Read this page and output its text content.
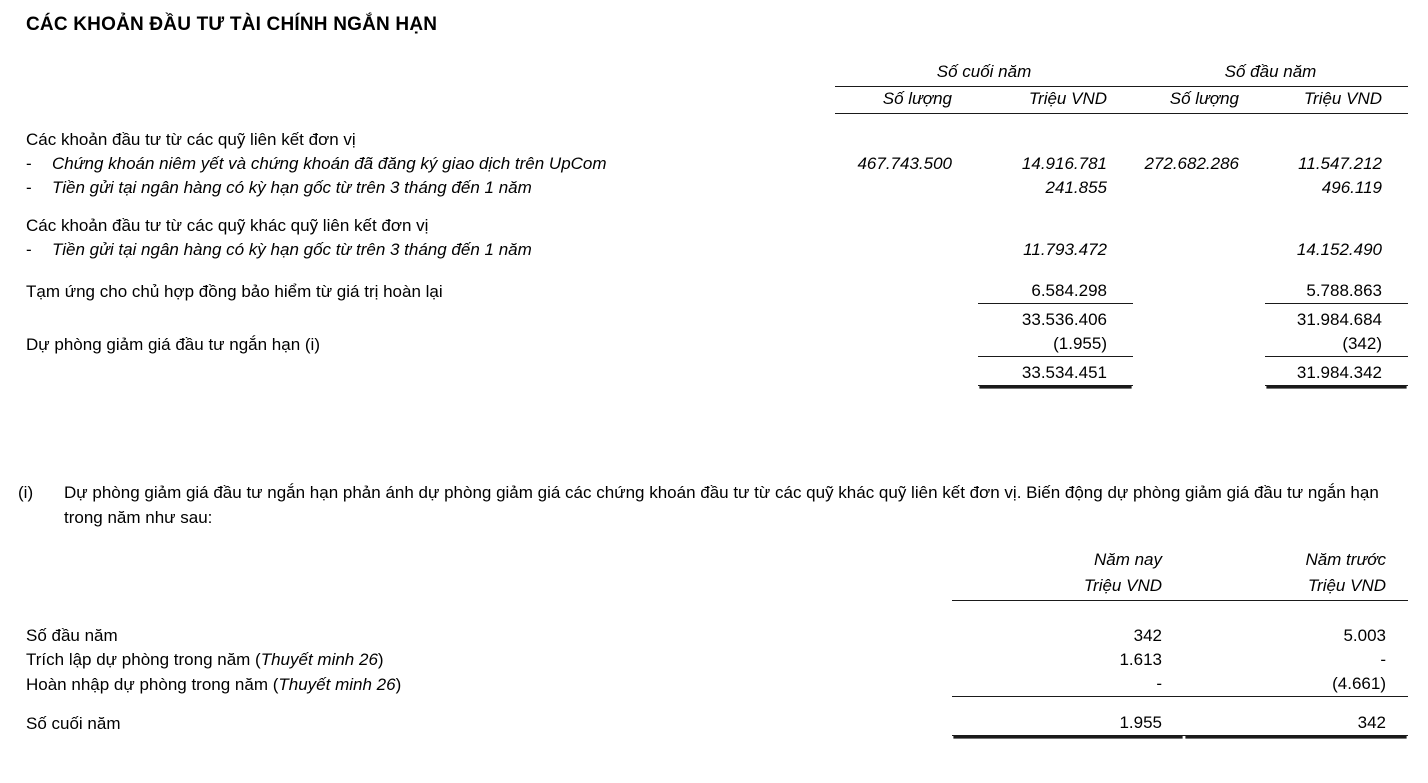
CÁC KHOẢN ĐẦU TƯ TÀI CHÍNH NGẮN HẠN
	Số cuối năm		Số đầu năm	
	Số lượng	Triệu VND	Số lượng	Triệu VND

Các khoản đầu tư từ các quỹ liên kết đơn vị				
- Chứng khoán niêm yết và chứng khoán đã đăng ký giao dịch trên UpCom	467.743.500	14.916.781	272.682.286	11.547.212
- Tiền gửi tại ngân hàng có kỳ hạn gốc từ trên 3 tháng đến 1 năm		241.855		496.119

Các khoản đầu tư từ các quỹ khác quỹ liên kết đơn vị				
- Tiền gửi tại ngân hàng có kỳ hạn gốc từ trên 3 tháng đến 1 năm		11.793.472		14.152.490

Tạm ứng cho chủ hợp đồng bảo hiểm từ giá trị hoàn lại		6.584.298		5.788.863

		33.536.406		31.984.684
Dự phòng giảm giá đầu tư ngắn hạn (i)		(1.955)		(342)

		33.534.451		31.984.342
(i)	Dự phòng giảm giá đầu tư ngắn hạn phản ánh dự phòng giảm giá các chứng khoán đầu tư từ các quỹ khác quỹ liên kết đơn vị. Biến động dự phòng giảm giá đầu tư ngắn hạn trong năm như sau:
	Năm nay	Năm trước
	Triệu VND	Triệu VND

Số đầu năm	342	5.003
Trích lập dự phòng trong năm (Thuyết minh 26)	1.613	-
Hoàn nhập dự phòng trong năm (Thuyết minh 26)	-	(4.661)

Số cuối năm	1.955	342
